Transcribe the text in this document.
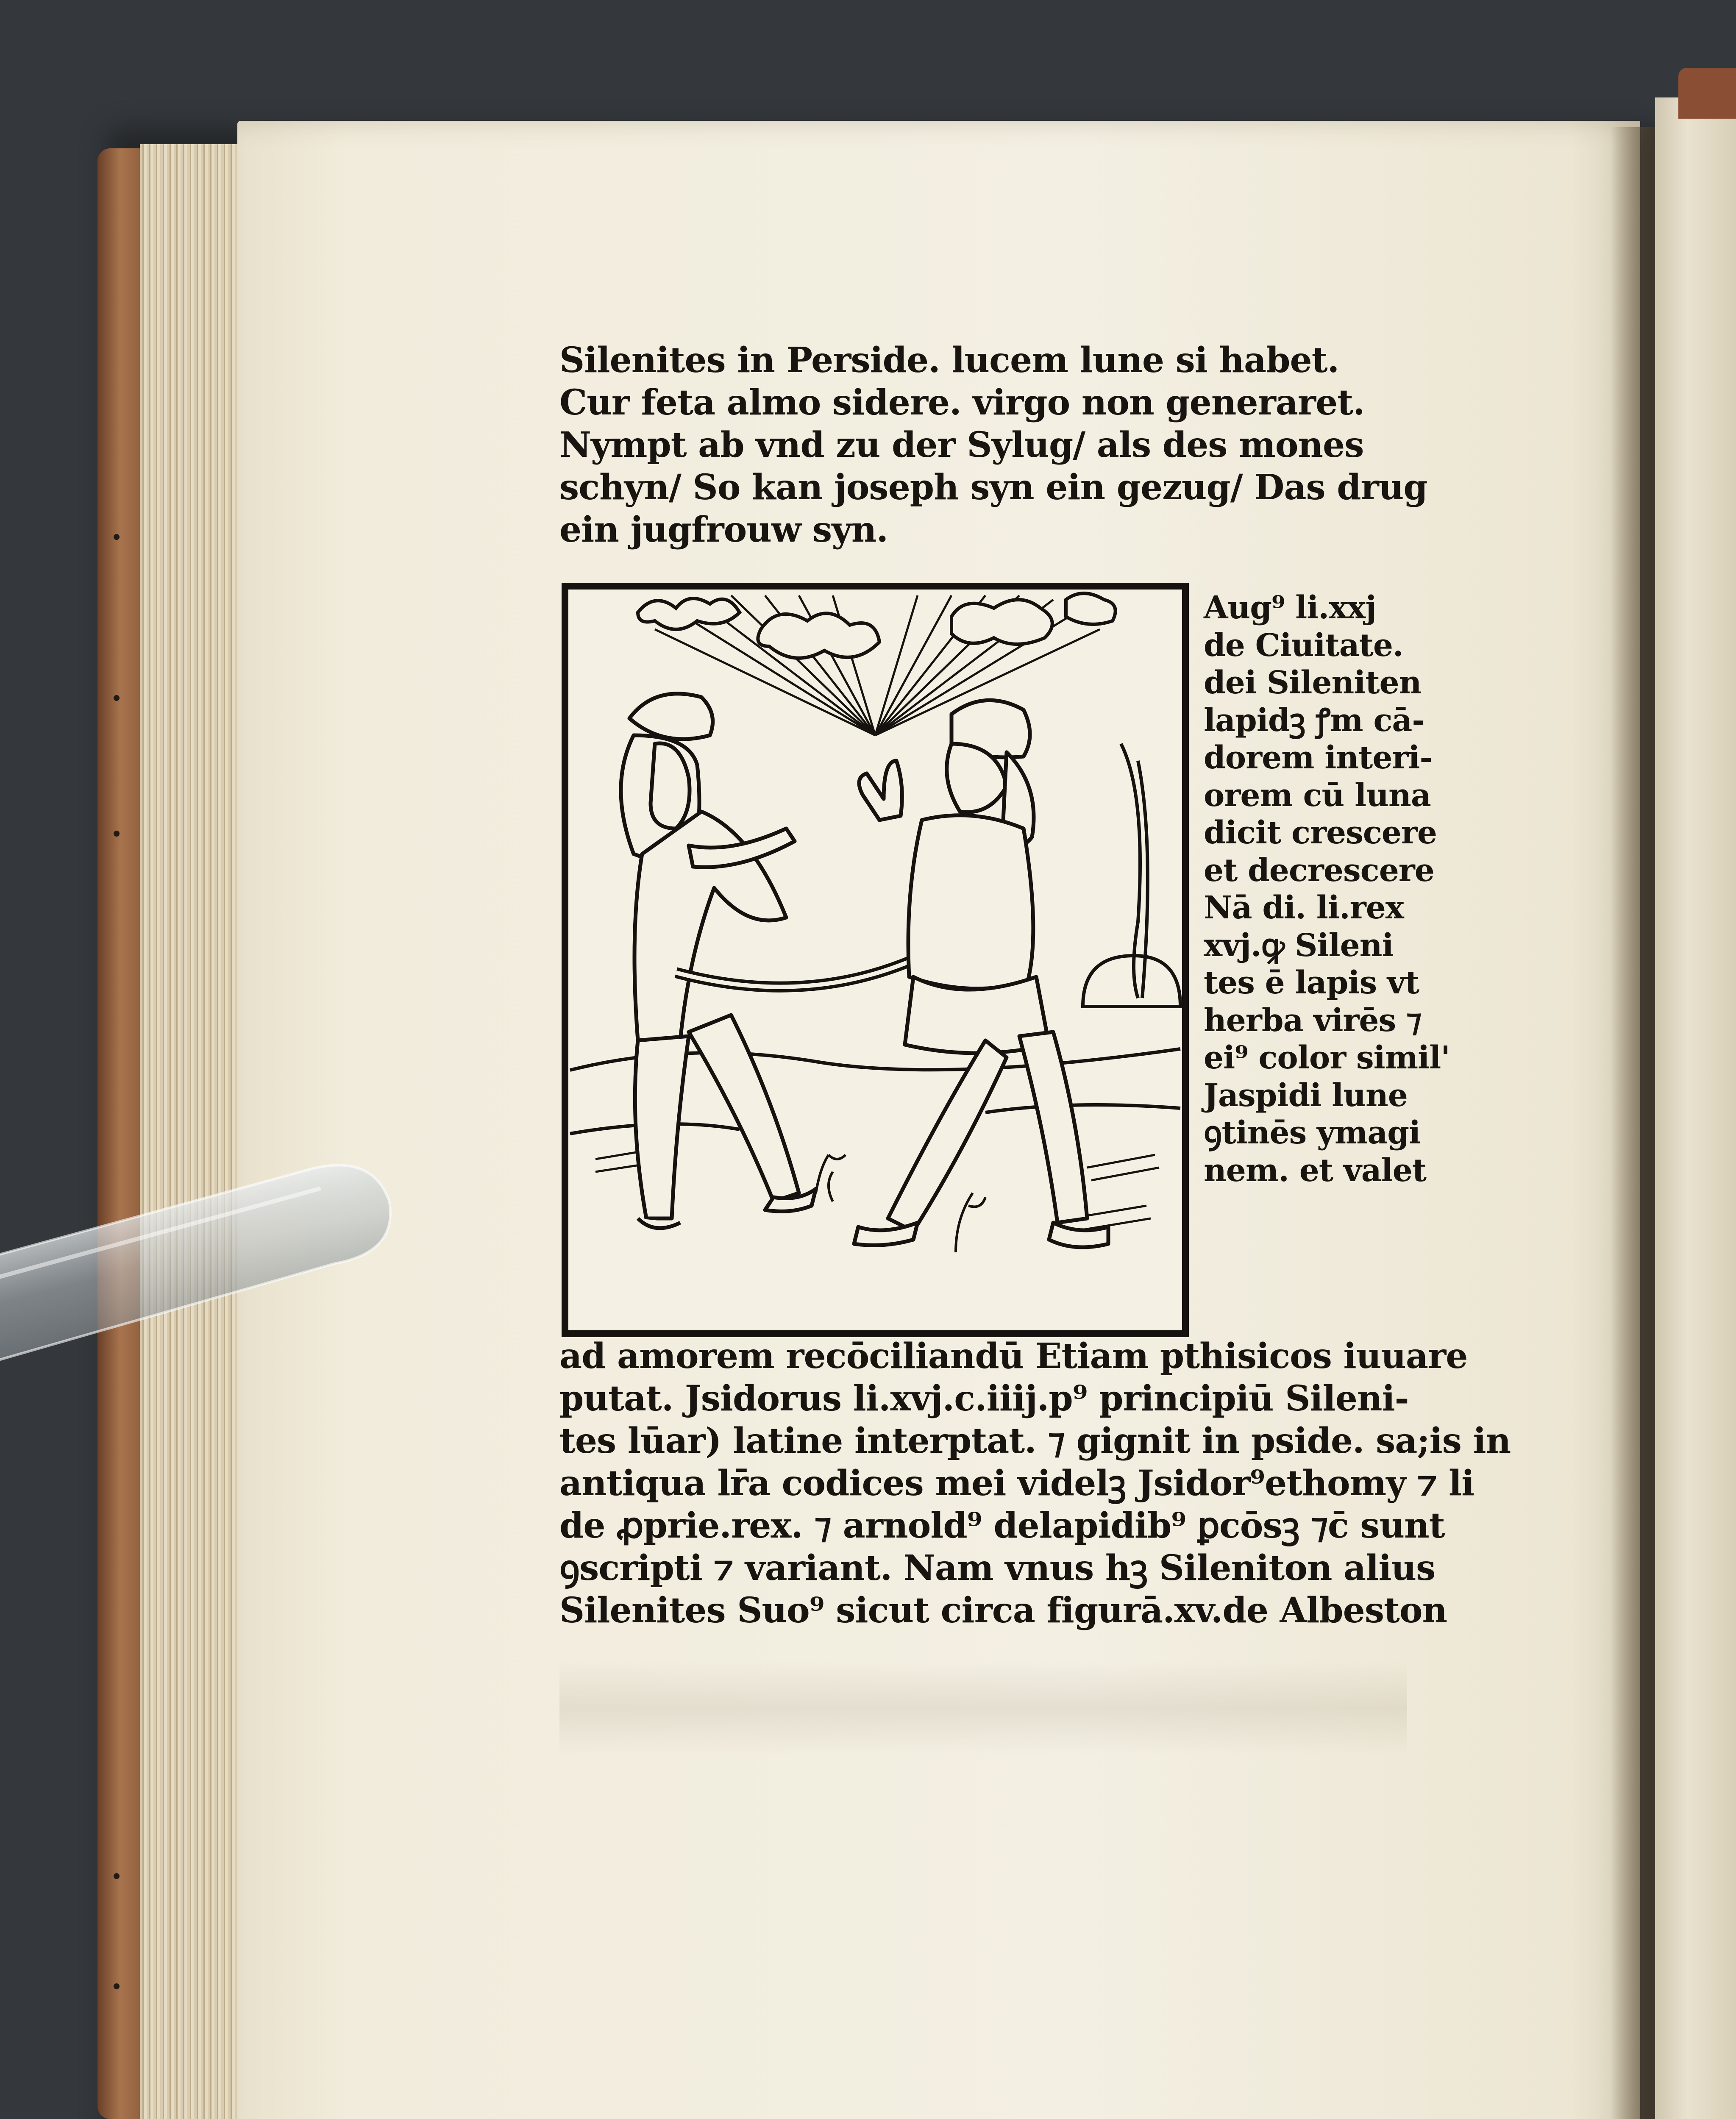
Silenites in Perside. lucem lune si habet.
Cur feta almo sidere. virgo non generaret.
Nympt ab vnd zu der Sylug/ als des mones
schyn/ So kan joseph syn ein gezug/ Das drug
ein jugfrouw syn.
Aug⁹ li.xxj
de Ciuitate.
dei Sileniten
lapidꝫ ꝭm cā-
dorem interi-
orem cū luna
dicit crescere
et decrescere
Nā di. li.rex
xvj.ꝙ Sileni
tes ē lapis vt
herba virēs ⁊
ei⁹ color simil'
Jaspidi lune
ꝯtinēs ymagi
nem. et valet
ad amorem recōciliandū Etiam pthisicos iuuare
putat. Jsidorus li.xvj.c.iiij.p⁹ principiū Sileni-
tes lūar) latine interptat. ⁊ gignit in pside. sa;is in
antiqua lr̄a codices mei videlꝫ Jsidor⁹ethomy ⁊ li
de ꝓprie.rex. ⁊ arnold⁹ delapidib⁹ ꝑcōsꝫ ⁊c̄ sunt
ꝯscripti ⁊ variant. Nam vnus hꝫ Sileniton alius
Silenites Suo⁹ sicut circa figurā.xv.de Albeston
